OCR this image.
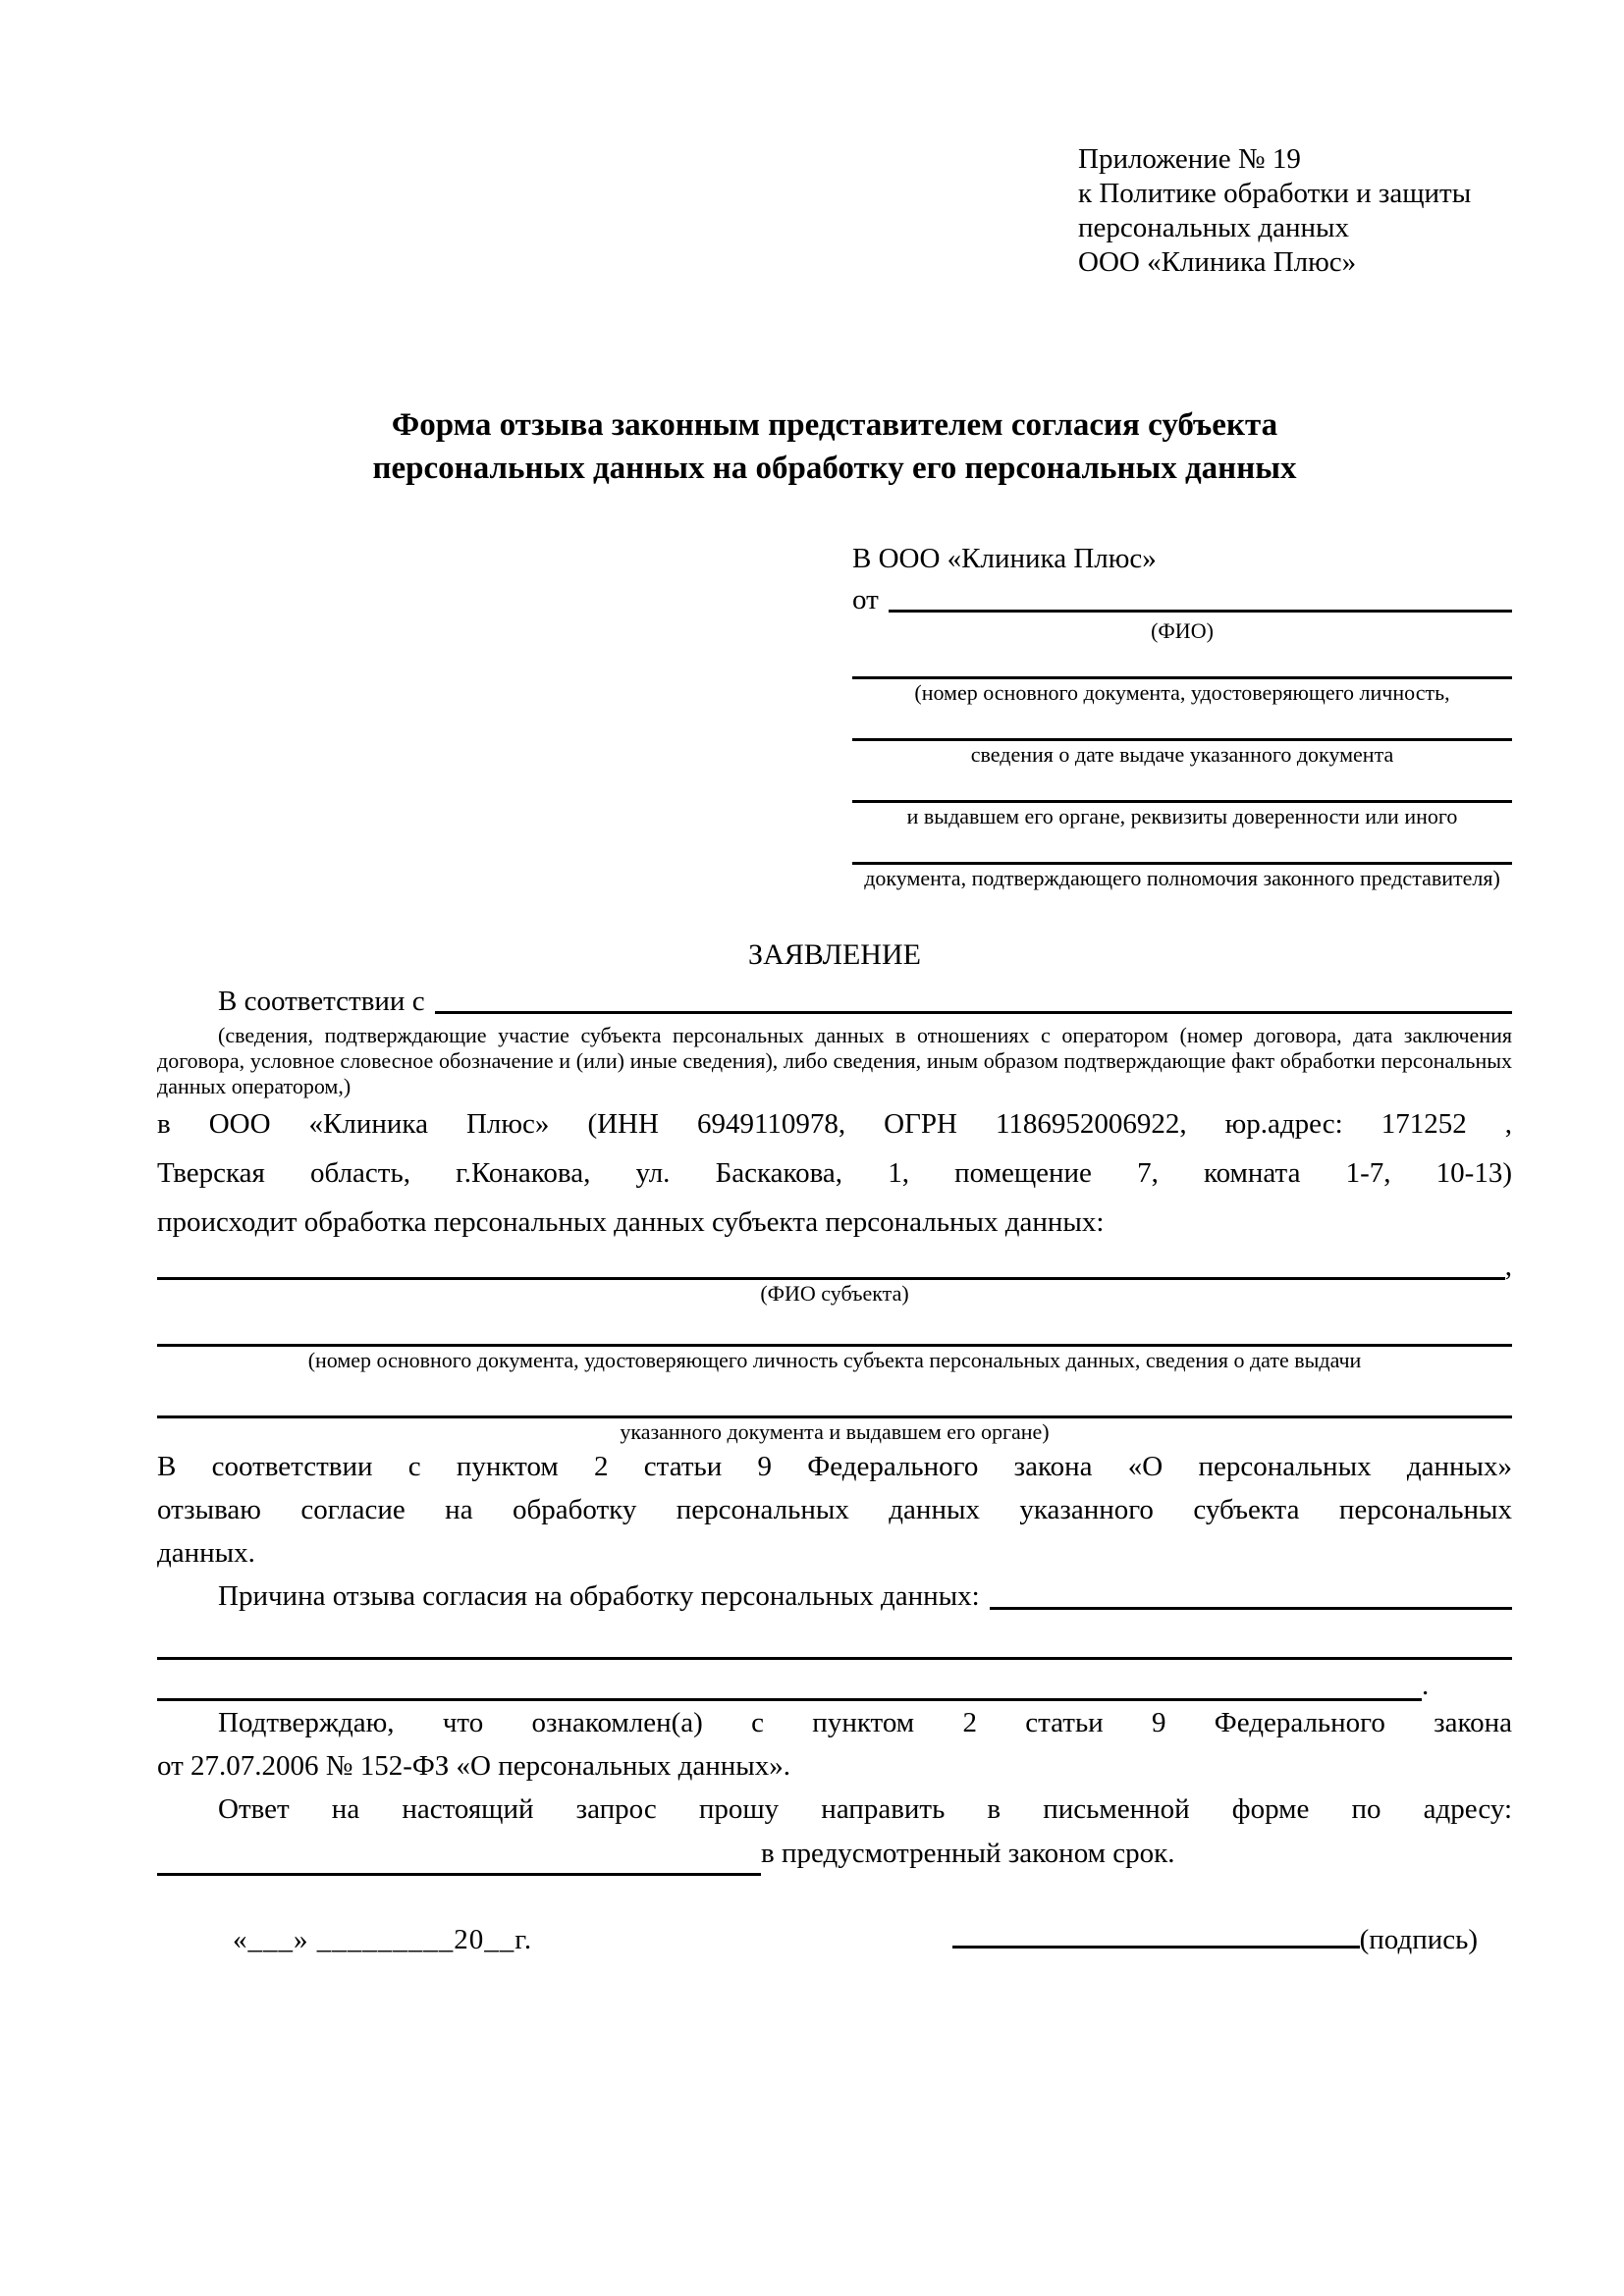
Приложение № 19
к Политике обработки и защиты
персональных данных
ООО «Клиника Плюс»
Форма отзыва законным представителем согласия субъекта
персональных данных на обработку его персональных данных
В ООО «Клиника Плюс»
от
(ФИО)
(номер основного документа, удостоверяющего личность,
сведения о дате выдаче указанного документа
и выдавшем его органе, реквизиты доверенности или иного
документа, подтверждающего полномочия законного представителя)
ЗАЯВЛЕНИЕ
В соответствии с
(сведения, подтверждающие участие субъекта персональных данных в отношениях с оператором (номер договора, дата заключения договора, условное словесное обозначение и (или) иные сведения), либо сведения, иным образом подтверждающие факт обработки персональных данных оператором,)
в ООО «Клиника Плюс» (ИНН 6949110978, ОГРН 1186952006922, юр.адрес: 171252 ,
Тверская область, г.Конакова, ул. Баскакова, 1, помещение 7, комната 1-7, 10-13)
происходит обработка персональных данных субъекта персональных данных:
,
(ФИО субъекта)
(номер основного документа, удостоверяющего личность субъекта персональных данных, сведения о дате выдачи
указанного документа и выдавшем его органе)
В соответствии с пунктом 2 статьи 9 Федерального закона «О персональных данных»
отзываю согласие на обработку персональных данных указанного субъекта персональных
данных.
Причина отзыва согласия на обработку персональных данных:
.
Подтверждаю, что ознакомлен(а) с пунктом 2 статьи 9 Федерального закона
от 27.07.2006 № 152-ФЗ «О персональных данных».
Ответ на настоящий запрос прошу направить в письменной форме по адресу:
в предусмотренный законом срок.
«___» _________20__г.	(подпись)
